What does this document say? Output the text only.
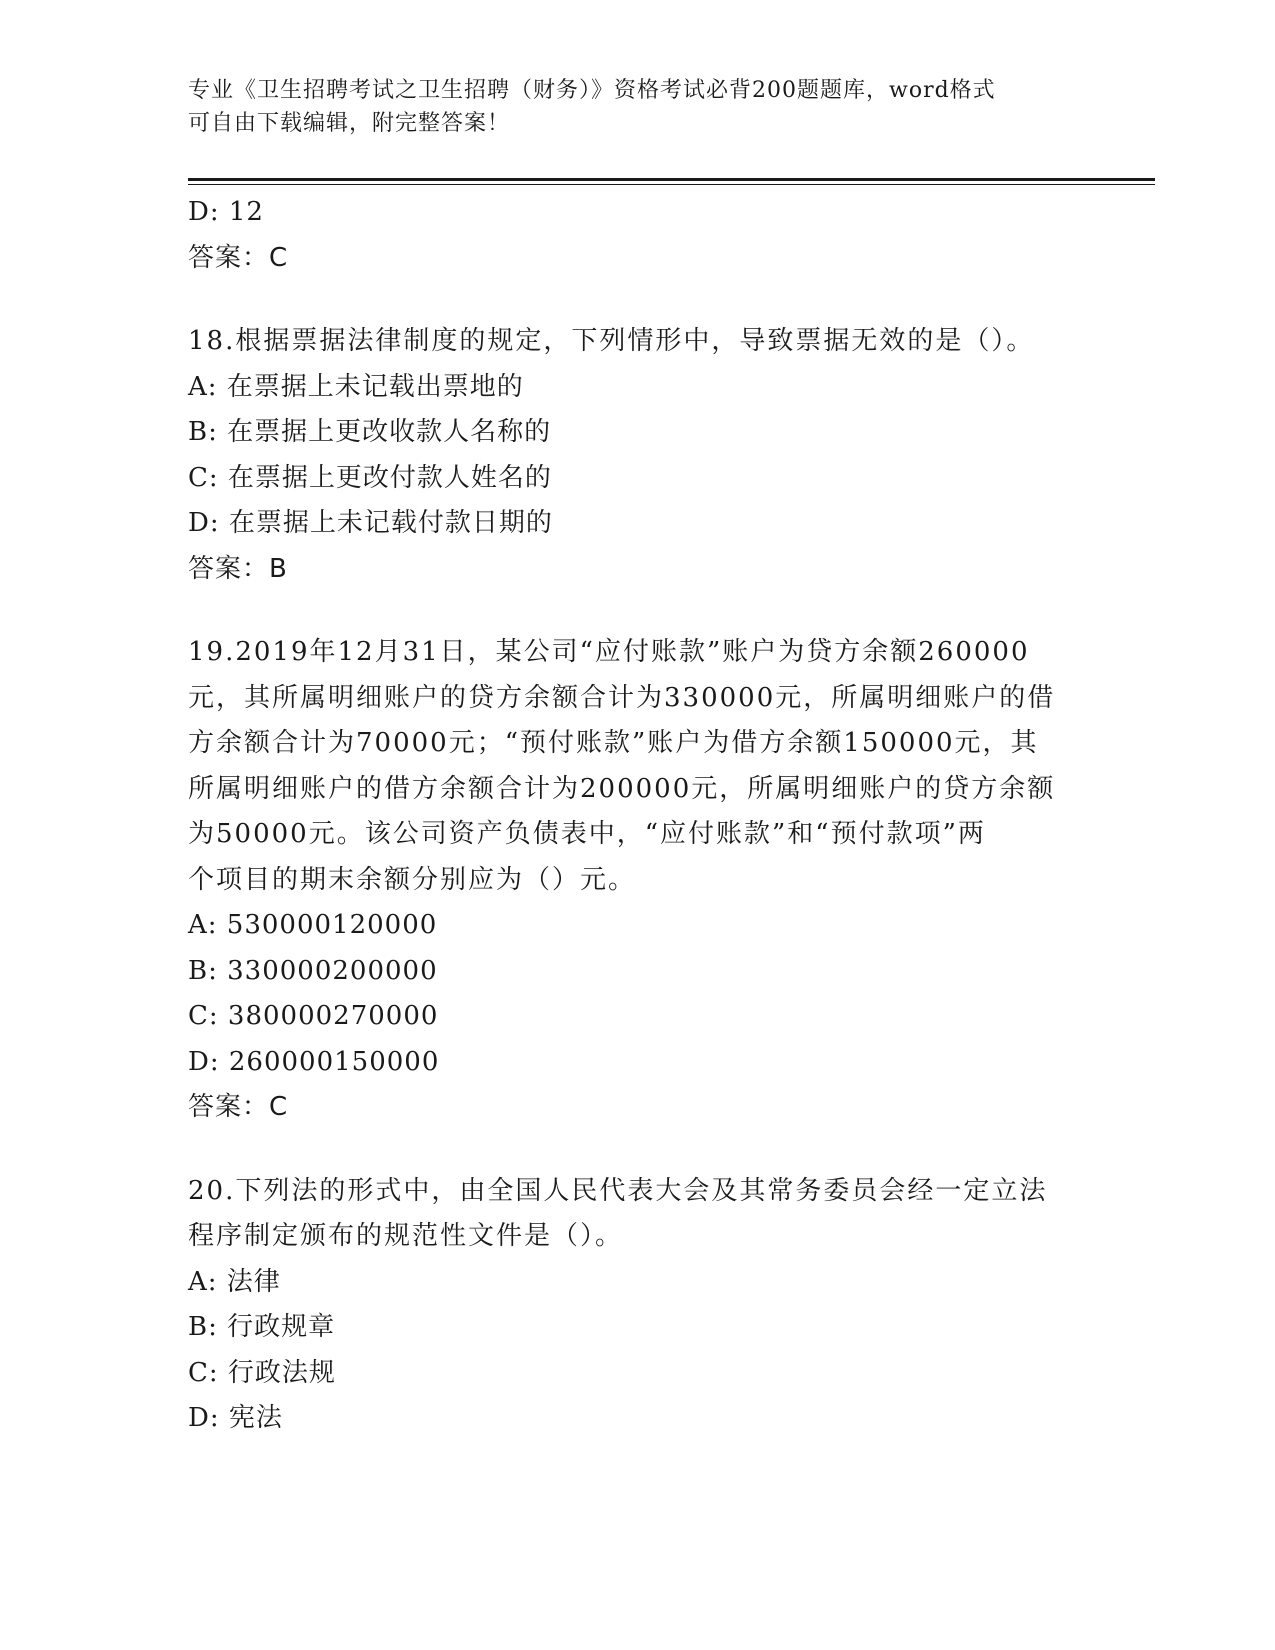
专业《卫生招聘考试之卫生招聘（财务）》资格考试必背200题题库，word格式
可自由下载编辑，附完整答案！
D: 12
答案：C
18.根据票据法律制度的规定，下列情形中，导致票据无效的是（）。
A: 在票据上未记载出票地的
B: 在票据上更改收款人名称的
C: 在票据上更改付款人姓名的
D: 在票据上未记载付款日期的
答案：B
19.2019年12月31日，某公司“应付账款”账户为贷方余额260000
元，其所属明细账户的贷方余额合计为330000元，所属明细账户的借
方余额合计为70000元；“预付账款”账户为借方余额150000元，其
所属明细账户的借方余额合计为200000元，所属明细账户的贷方余额
为50000元。该公司资产负债表中，“应付账款”和“预付款项”两
个项目的期末余额分别应为（）元。
A: 530000120000
B: 330000200000
C: 380000270000
D: 260000150000
答案：C
20.下列法的形式中，由全国人民代表大会及其常务委员会经一定立法
程序制定颁布的规范性文件是（）。
A: 法律
B: 行政规章
C: 行政法规
D: 宪法
